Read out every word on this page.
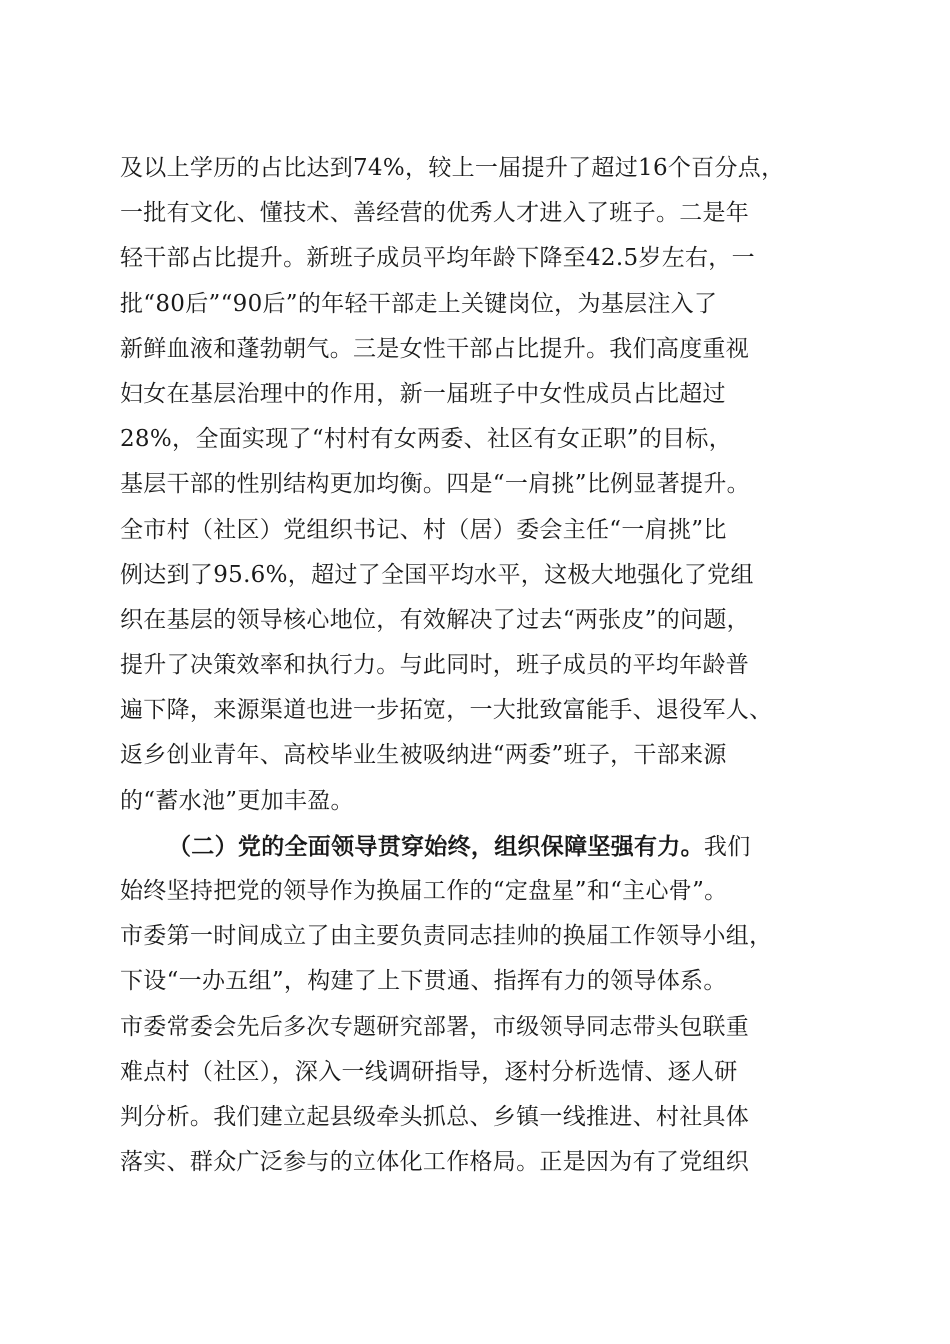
及以上学历的占比达到74%，较上一届提升了超过16个百分点，
一批有文化、懂技术、善经营的优秀人才进入了班子。二是年
轻干部占比提升。新班子成员平均年龄下降至42.5岁左右，一
批“80后”“90后”的年轻干部走上关键岗位，为基层注入了
新鲜血液和蓬勃朝气。三是女性干部占比提升。我们高度重视
妇女在基层治理中的作用，新一届班子中女性成员占比超过
28%，全面实现了“村村有女两委、社区有女正职”的目标，
基层干部的性别结构更加均衡。四是“一肩挑”比例显著提升。
全市村（社区）党组织书记、村（居）委会主任“一肩挑”比
例达到了95.6%，超过了全国平均水平，这极大地强化了党组
织在基层的领导核心地位，有效解决了过去“两张皮”的问题，
提升了决策效率和执行力。与此同时，班子成员的平均年龄普
遍下降，来源渠道也进一步拓宽，一大批致富能手、退役军人、
返乡创业青年、高校毕业生被吸纳进“两委”班子，干部来源
的“蓄水池”更加丰盈。
（二）党的全面领导贯穿始终，组织保障坚强有力。我们
始终坚持把党的领导作为换届工作的“定盘星”和“主心骨”。
市委第一时间成立了由主要负责同志挂帅的换届工作领导小组，
下设“一办五组”，构建了上下贯通、指挥有力的领导体系。
市委常委会先后多次专题研究部署，市级领导同志带头包联重
难点村（社区），深入一线调研指导，逐村分析选情、逐人研
判分析。我们建立起县级牵头抓总、乡镇一线推进、村社具体
落实、群众广泛参与的立体化工作格局。正是因为有了党组织
